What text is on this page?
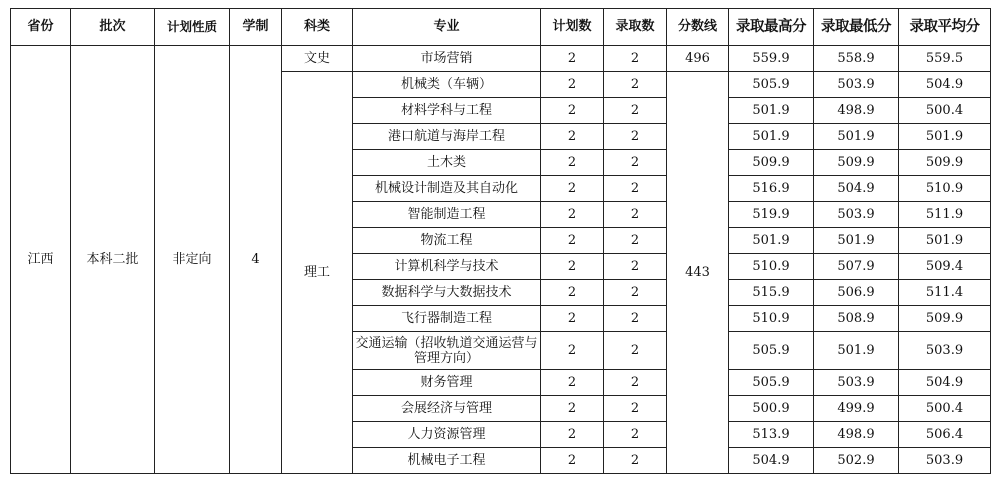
省份	批次	计划性质	学制	科类	专业	计划数	录取数	分数线	录取最高分	录取最低分	录取平均分
江西	本科二批	非定向	4	文史	市场营销	2	2	496	559.9	558.9	559.5
				理工	机械类（车辆）	2	2	443	505.9	503.9	504.9
					材料学科与工程	2	2		501.9	498.9	500.4
					港口航道与海岸工程	2	2		501.9	501.9	501.9
					土木类	2	2		509.9	509.9	509.9
					机械设计制造及其自动化	2	2		516.9	504.9	510.9
					智能制造工程	2	2		519.9	503.9	511.9
					物流工程	2	2		501.9	501.9	501.9
					计算机科学与技术	2	2		510.9	507.9	509.4
					数据科学与大数据技术	2	2		515.9	506.9	511.4
					飞行器制造工程	2	2		510.9	508.9	509.9
					交通运输（招收轨道交通运营与管理方向）	2	2		505.9	501.9	503.9
					财务管理	2	2		505.9	503.9	504.9
					会展经济与管理	2	2		500.9	499.9	500.4
					人力资源管理	2	2		513.9	498.9	506.4
					机械电子工程	2	2		504.9	502.9	503.9
